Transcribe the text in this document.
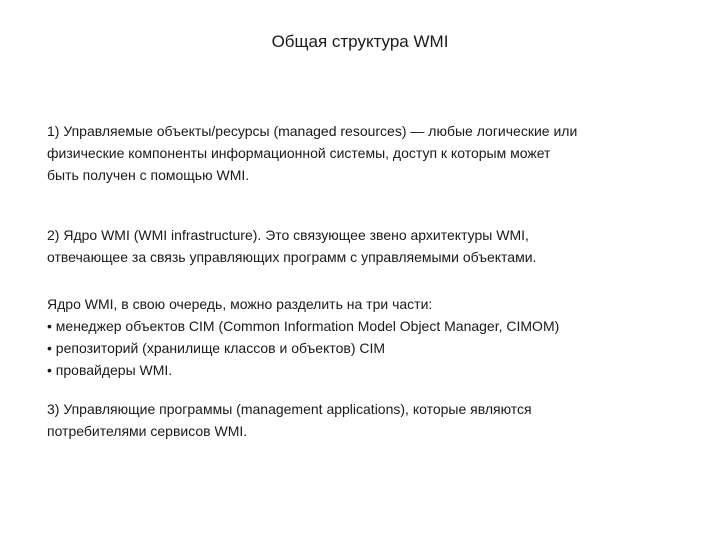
Общая структура WMI

1) Управляемые объекты/ресурсы (managed resources) — любые логические или

физические компоненты информационной системы, доступ к которым может

быть получен с помощью WMI.

2) Ядро WMI (WMI infrastructure). Это связующее звено архитектуры WMI,

отвечающее за связь управляющих программ с управляемыми объектами.

Ядро WMI, в свою очередь, можно разделить на три части:

• менеджер объектов CIM (Common Information Model Object Manager, CIMOM)

• репозиторий (хранилище классов и объектов) CIM

• провайдеры WMI.

3) Управляющие программы (management applications), которые являются

потребителями сервисов WMI.
